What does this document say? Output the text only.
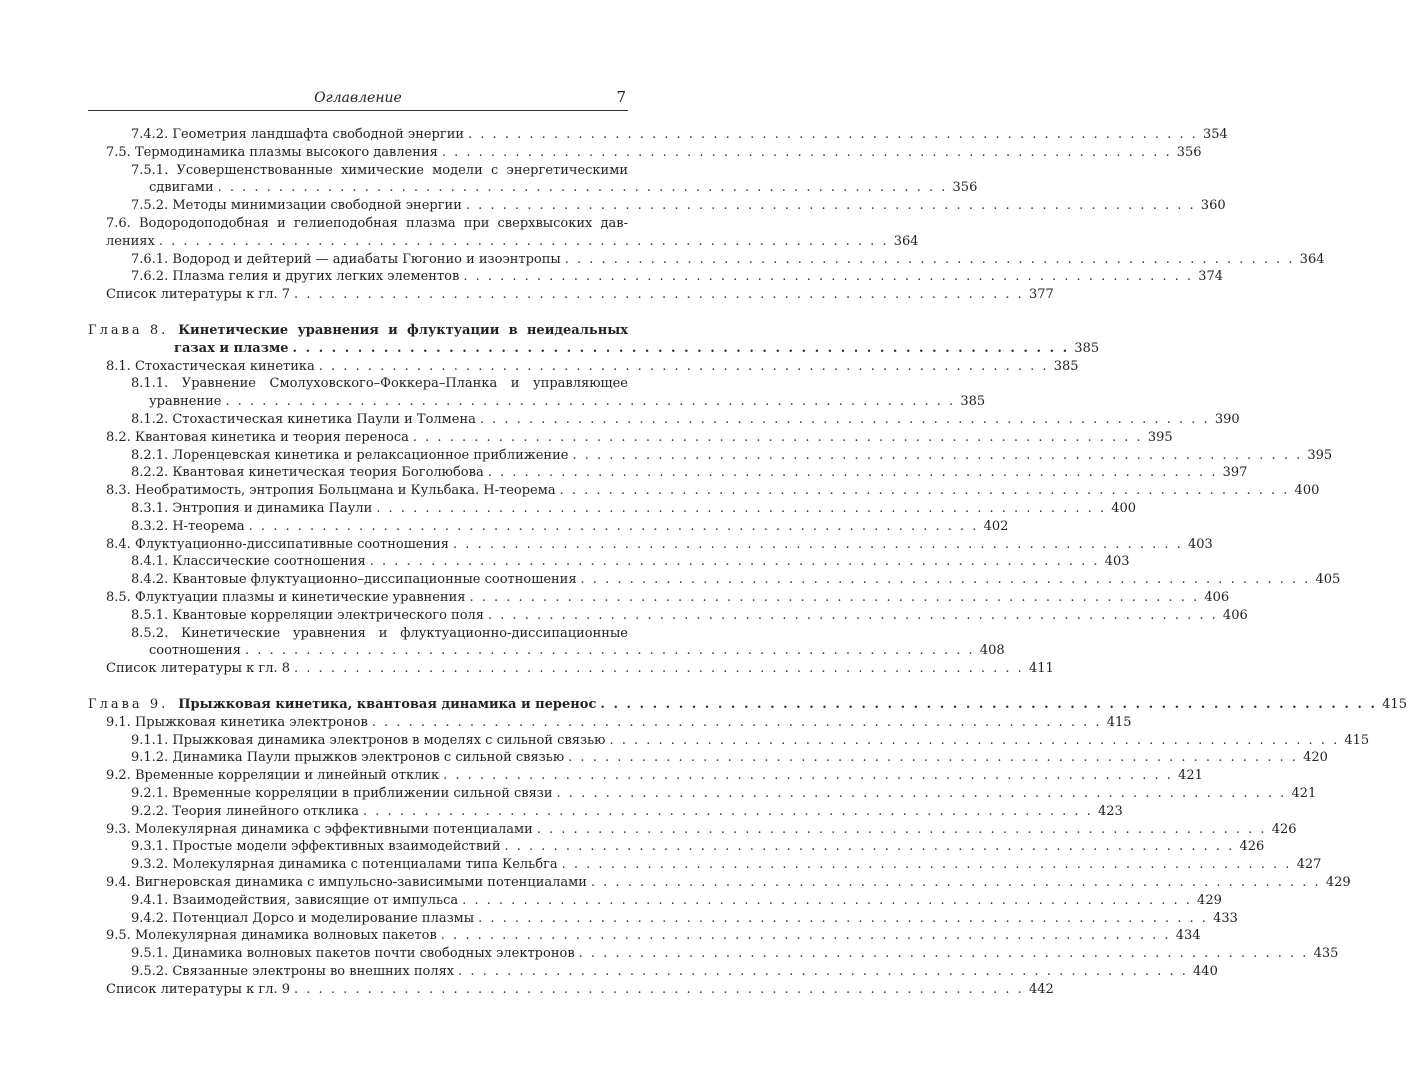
Оглавление	7
7.4.2. Геометрия ландшафта свободной энергии . . . . . . . . . . . . . . . . . . . . . . . . . . . . . . . . . . . . . . . . . . . . . . . . . . . . . . . . . . . . 354
7.5. Термодинамика плазмы высокого давления . . . . . . . . . . . . . . . . . . . . . . . . . . . . . . . . . . . . . . . . . . . . . . . . . . . . . . . . . . . . 356
7.5.1. Усовершенствованные химические модели с энергетическими
сдвигами . . . . . . . . . . . . . . . . . . . . . . . . . . . . . . . . . . . . . . . . . . . . . . . . . . . . . . . . . . . . 356
7.5.2. Методы минимизации свободной энергии . . . . . . . . . . . . . . . . . . . . . . . . . . . . . . . . . . . . . . . . . . . . . . . . . . . . . . . . . . . . 360
7.6. Водородоподобная и гелиеподобная плазма при сверхвысоких дав-
лениях . . . . . . . . . . . . . . . . . . . . . . . . . . . . . . . . . . . . . . . . . . . . . . . . . . . . . . . . . . . . 364
7.6.1. Водород и дейтерий — адиабаты Гюгонио и изоэнтропы . . . . . . . . . . . . . . . . . . . . . . . . . . . . . . . . . . . . . . . . . . . . . . . . . . . . . . . . . . . . 364
7.6.2. Плазма гелия и других легких элементов . . . . . . . . . . . . . . . . . . . . . . . . . . . . . . . . . . . . . . . . . . . . . . . . . . . . . . . . . . . . 374
Список литературы к гл. 7 . . . . . . . . . . . . . . . . . . . . . . . . . . . . . . . . . . . . . . . . . . . . . . . . . . . . . . . . . . . . 377
Глава 8. Кинетические уравнения и флуктуации в неидеальных
газах и плазме . . . . . . . . . . . . . . . . . . . . . . . . . . . . . . . . . . . . . . . . . . . . . . . . . . . . . . . . . . . . 385
8.1. Стохастическая кинетика . . . . . . . . . . . . . . . . . . . . . . . . . . . . . . . . . . . . . . . . . . . . . . . . . . . . . . . . . . . . 385
8.1.1. Уравнение Смолуховского–Фоккера–Планка и управляющее
уравнение . . . . . . . . . . . . . . . . . . . . . . . . . . . . . . . . . . . . . . . . . . . . . . . . . . . . . . . . . . . . 385
8.1.2. Стохастическая кинетика Паули и Толмена . . . . . . . . . . . . . . . . . . . . . . . . . . . . . . . . . . . . . . . . . . . . . . . . . . . . . . . . . . . . 390
8.2. Квантовая кинетика и теория переноса . . . . . . . . . . . . . . . . . . . . . . . . . . . . . . . . . . . . . . . . . . . . . . . . . . . . . . . . . . . . 395
8.2.1. Лоренцевская кинетика и релаксационное приближение . . . . . . . . . . . . . . . . . . . . . . . . . . . . . . . . . . . . . . . . . . . . . . . . . . . . . . . . . . . . 395
8.2.2. Квантовая кинетическая теория Боголюбова . . . . . . . . . . . . . . . . . . . . . . . . . . . . . . . . . . . . . . . . . . . . . . . . . . . . . . . . . . . . 397
8.3. Необратимость, энтропия Больцмана и Кульбака. H-теорема . . . . . . . . . . . . . . . . . . . . . . . . . . . . . . . . . . . . . . . . . . . . . . . . . . . . . . . . . . . . 400
8.3.1. Энтропия и динамика Паули . . . . . . . . . . . . . . . . . . . . . . . . . . . . . . . . . . . . . . . . . . . . . . . . . . . . . . . . . . . . 400
8.3.2. H-теорема . . . . . . . . . . . . . . . . . . . . . . . . . . . . . . . . . . . . . . . . . . . . . . . . . . . . . . . . . . . . 402
8.4. Флуктуационно-диссипативные соотношения . . . . . . . . . . . . . . . . . . . . . . . . . . . . . . . . . . . . . . . . . . . . . . . . . . . . . . . . . . . . 403
8.4.1. Классические соотношения . . . . . . . . . . . . . . . . . . . . . . . . . . . . . . . . . . . . . . . . . . . . . . . . . . . . . . . . . . . . 403
8.4.2. Квантовые флуктуационно–диссипационные соотношения . . . . . . . . . . . . . . . . . . . . . . . . . . . . . . . . . . . . . . . . . . . . . . . . . . . . . . . . . . . . 405
8.5. Флуктуации плазмы и кинетические уравнения . . . . . . . . . . . . . . . . . . . . . . . . . . . . . . . . . . . . . . . . . . . . . . . . . . . . . . . . . . . . 406
8.5.1. Квантовые корреляции электрического поля . . . . . . . . . . . . . . . . . . . . . . . . . . . . . . . . . . . . . . . . . . . . . . . . . . . . . . . . . . . . 406
8.5.2. Кинетические уравнения и флуктуационно-диссипационные
соотношения . . . . . . . . . . . . . . . . . . . . . . . . . . . . . . . . . . . . . . . . . . . . . . . . . . . . . . . . . . . . 408
Список литературы к гл. 8 . . . . . . . . . . . . . . . . . . . . . . . . . . . . . . . . . . . . . . . . . . . . . . . . . . . . . . . . . . . . 411
Глава 9. Прыжковая кинетика, квантовая динамика и перенос . . . . . . . . . . . . . . . . . . . . . . . . . . . . . . . . . . . . . . . . . . . . . . . . . . . . . . . . . . . . 415
9.1. Прыжковая кинетика электронов . . . . . . . . . . . . . . . . . . . . . . . . . . . . . . . . . . . . . . . . . . . . . . . . . . . . . . . . . . . . 415
9.1.1. Прыжковая динамика электронов в моделях с сильной связью . . . . . . . . . . . . . . . . . . . . . . . . . . . . . . . . . . . . . . . . . . . . . . . . . . . . . . . . . . . . 415
9.1.2. Динамика Паули прыжков электронов с сильной связью . . . . . . . . . . . . . . . . . . . . . . . . . . . . . . . . . . . . . . . . . . . . . . . . . . . . . . . . . . . . 420
9.2. Временные корреляции и линейный отклик . . . . . . . . . . . . . . . . . . . . . . . . . . . . . . . . . . . . . . . . . . . . . . . . . . . . . . . . . . . . 421
9.2.1. Временные корреляции в приближении сильной связи . . . . . . . . . . . . . . . . . . . . . . . . . . . . . . . . . . . . . . . . . . . . . . . . . . . . . . . . . . . . 421
9.2.2. Теория линейного отклика . . . . . . . . . . . . . . . . . . . . . . . . . . . . . . . . . . . . . . . . . . . . . . . . . . . . . . . . . . . . 423
9.3. Молекулярная динамика с эффективными потенциалами . . . . . . . . . . . . . . . . . . . . . . . . . . . . . . . . . . . . . . . . . . . . . . . . . . . . . . . . . . . . 426
9.3.1. Простые модели эффективных взаимодействий . . . . . . . . . . . . . . . . . . . . . . . . . . . . . . . . . . . . . . . . . . . . . . . . . . . . . . . . . . . . 426
9.3.2. Молекулярная динамика с потенциалами типа Кельбга . . . . . . . . . . . . . . . . . . . . . . . . . . . . . . . . . . . . . . . . . . . . . . . . . . . . . . . . . . . . 427
9.4. Вигнеровская динамика с импульсно-зависимыми потенциалами . . . . . . . . . . . . . . . . . . . . . . . . . . . . . . . . . . . . . . . . . . . . . . . . . . . . . . . . . . . . 429
9.4.1. Взаимодействия, зависящие от импульса . . . . . . . . . . . . . . . . . . . . . . . . . . . . . . . . . . . . . . . . . . . . . . . . . . . . . . . . . . . . 429
9.4.2. Потенциал Дорсо и моделирование плазмы . . . . . . . . . . . . . . . . . . . . . . . . . . . . . . . . . . . . . . . . . . . . . . . . . . . . . . . . . . . . 433
9.5. Молекулярная динамика волновых пакетов . . . . . . . . . . . . . . . . . . . . . . . . . . . . . . . . . . . . . . . . . . . . . . . . . . . . . . . . . . . . 434
9.5.1. Динамика волновых пакетов почти свободных электронов . . . . . . . . . . . . . . . . . . . . . . . . . . . . . . . . . . . . . . . . . . . . . . . . . . . . . . . . . . . . 435
9.5.2. Связанные электроны во внешних полях . . . . . . . . . . . . . . . . . . . . . . . . . . . . . . . . . . . . . . . . . . . . . . . . . . . . . . . . . . . . 440
Список литературы к гл. 9 . . . . . . . . . . . . . . . . . . . . . . . . . . . . . . . . . . . . . . . . . . . . . . . . . . . . . . . . . . . . 442
